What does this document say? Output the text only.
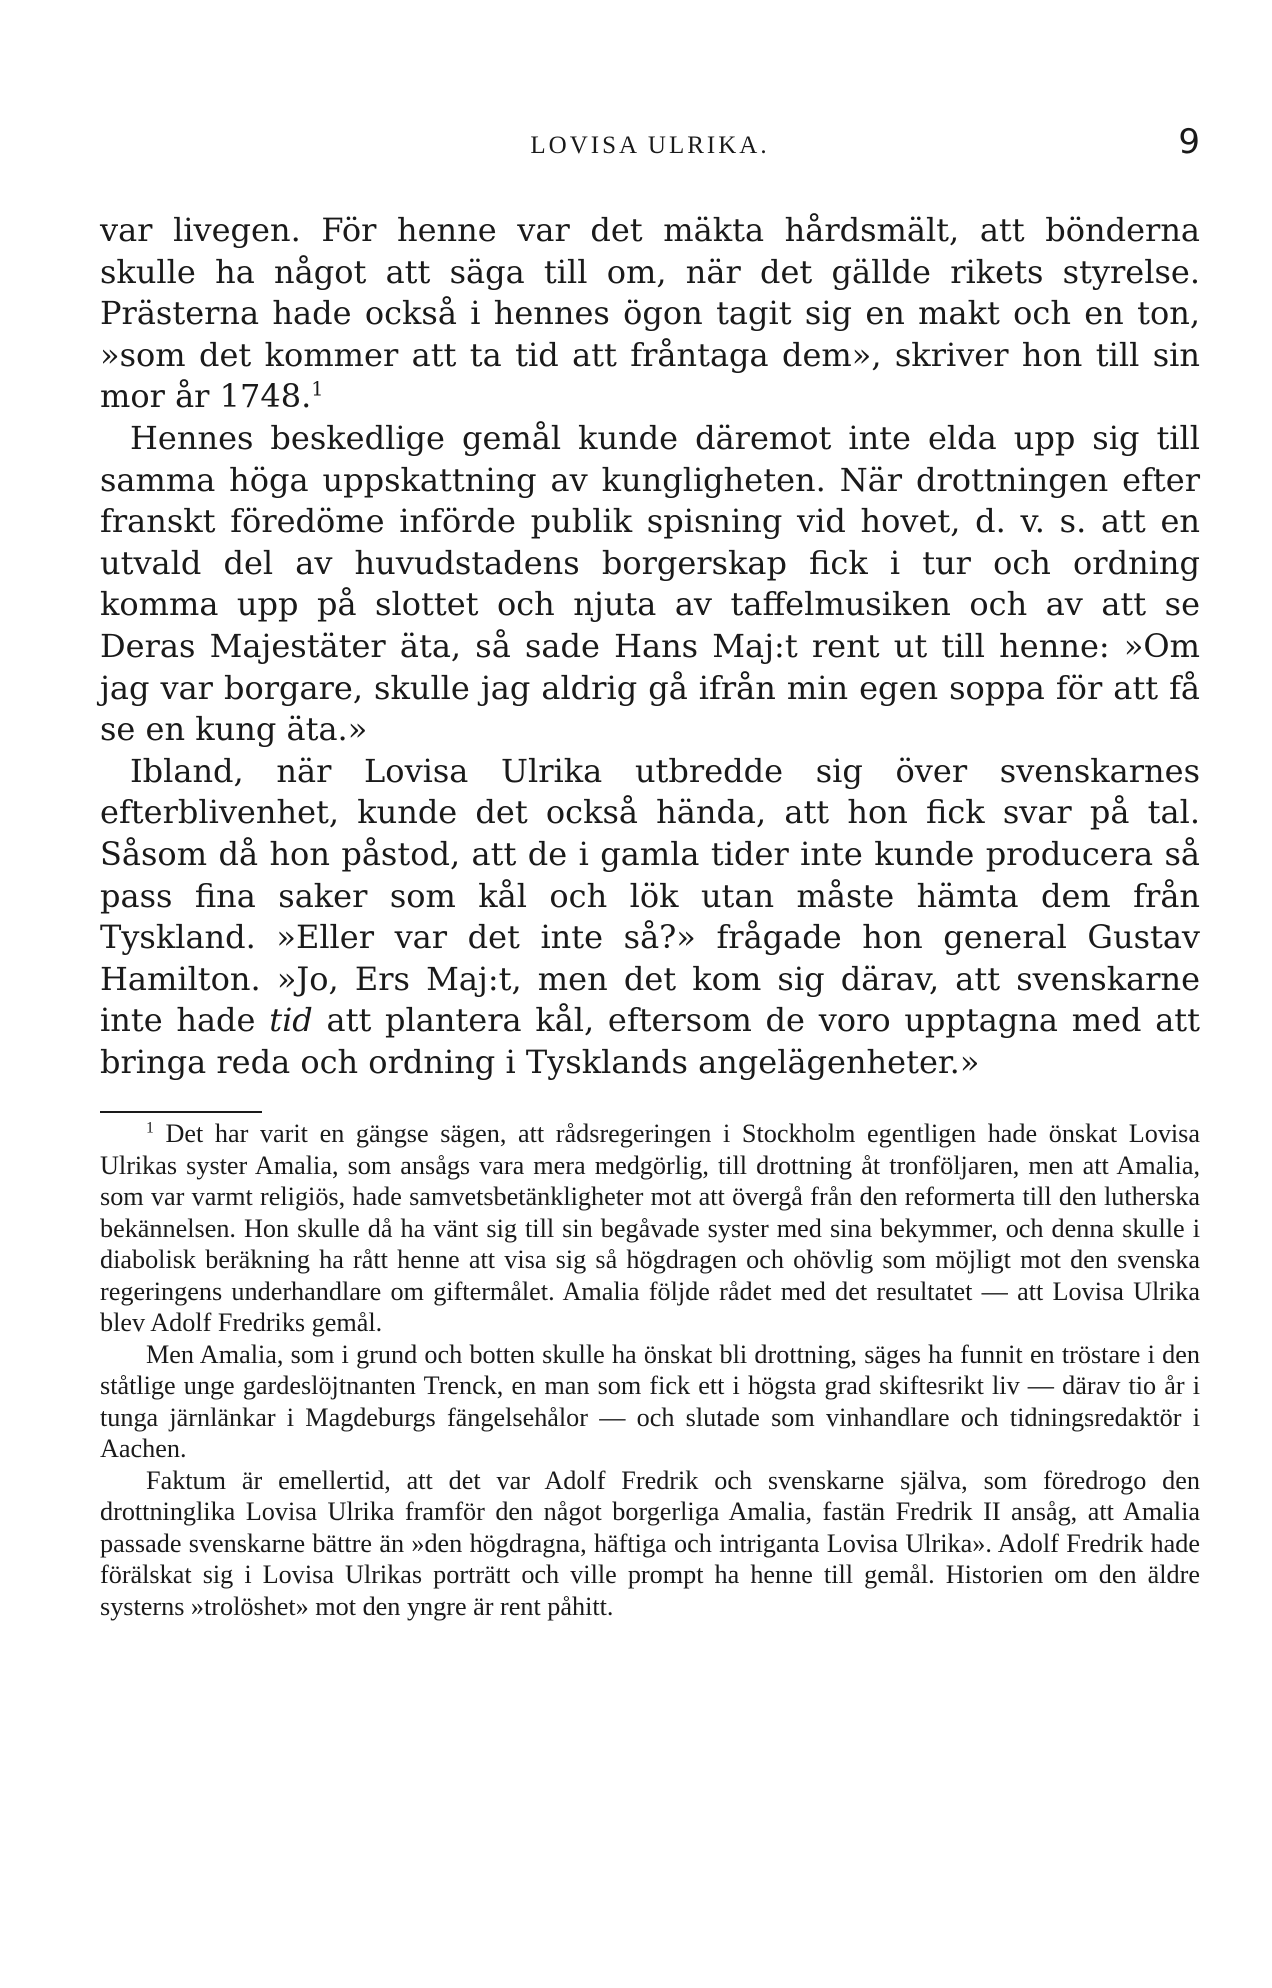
LOVISA ULRIKA.	9

var livegen. För henne var det mäkta hårdsmält, att bönderna skulle ha något att säga till om, när det gällde rikets styrelse. Prästerna hade också i hennes ögon tagit sig en makt och en ton, »som det kommer att ta tid att fråntaga dem», skriver hon till sin mor år 1748.$^1$

Hennes beskedlige gemål kunde däremot inte elda upp sig till samma höga uppskattning av kungligheten. När drottningen efter franskt föredöme införde publik spisning vid hovet, d. v. s. att en utvald del av huvudstadens borgerskap fick i tur och ordning komma upp på slottet och njuta av taffelmusiken och av att se Deras Majestäter äta, så sade Hans Maj:t rent ut till henne: »Om jag var borgare, skulle jag aldrig gå ifrån min egen soppa för att få se en kung äta.»

Ibland, när Lovisa Ulrika utbredde sig över svenskarnes efterblivenhet, kunde det också hända, att hon fick svar på tal. Såsom då hon påstod, att de i gamla tider inte kunde producera så pass fina saker som kål och lök utan måste hämta dem från Tyskland. »Eller var det inte så?» frågade hon general Gustav Hamilton. »Jo, Ers Maj:t, men det kom sig därav, att svenskarne inte hade tid att plantera kål, eftersom de voro upptagna med att bringa reda och ordning i Tysklands angelägenheter.»

$^1$ Det har varit en gängse sägen, att rådsregeringen i Stockholm egentligen hade önskat Lovisa Ulrikas syster Amalia, som ansågs vara mera medgörlig, till drottning åt tronföljaren, men att Amalia, som var varmt religiös, hade samvetsbetänkligheter mot att övergå från den reformerta till den lutherska bekännelsen. Hon skulle då ha vänt sig till sin begåvade syster med sina bekymmer, och denna skulle i diabolisk beräkning ha rått henne att visa sig så högdragen och ohövlig som möjligt mot den svenska regeringens underhandlare om giftermålet. Amalia följde rådet med det resultatet — att Lovisa Ulrika blev Adolf Fredriks gemål.

Men Amalia, som i grund och botten skulle ha önskat bli drottning, säges ha funnit en tröstare i den ståtlige unge gardeslöjtnanten Trenck, en man som fick ett i högsta grad skiftesrikt liv — därav tio år i tunga järnlänkar i Magdeburgs fängelsehålor — och slutade som vinhandlare och tidningsredaktör i Aachen.

Faktum är emellertid, att det var Adolf Fredrik och svenskarne själva, som föredrogo den drottninglika Lovisa Ulrika framför den något borgerliga Amalia, fastän Fredrik II ansåg, att Amalia passade svenskarne bättre än »den högdragna, häftiga och intriganta Lovisa Ulrika». Adolf Fredrik hade förälskat sig i Lovisa Ulrikas porträtt och ville prompt ha henne till gemål. Historien om den äldre systerns »trolöshet» mot den yngre är rent påhitt.
